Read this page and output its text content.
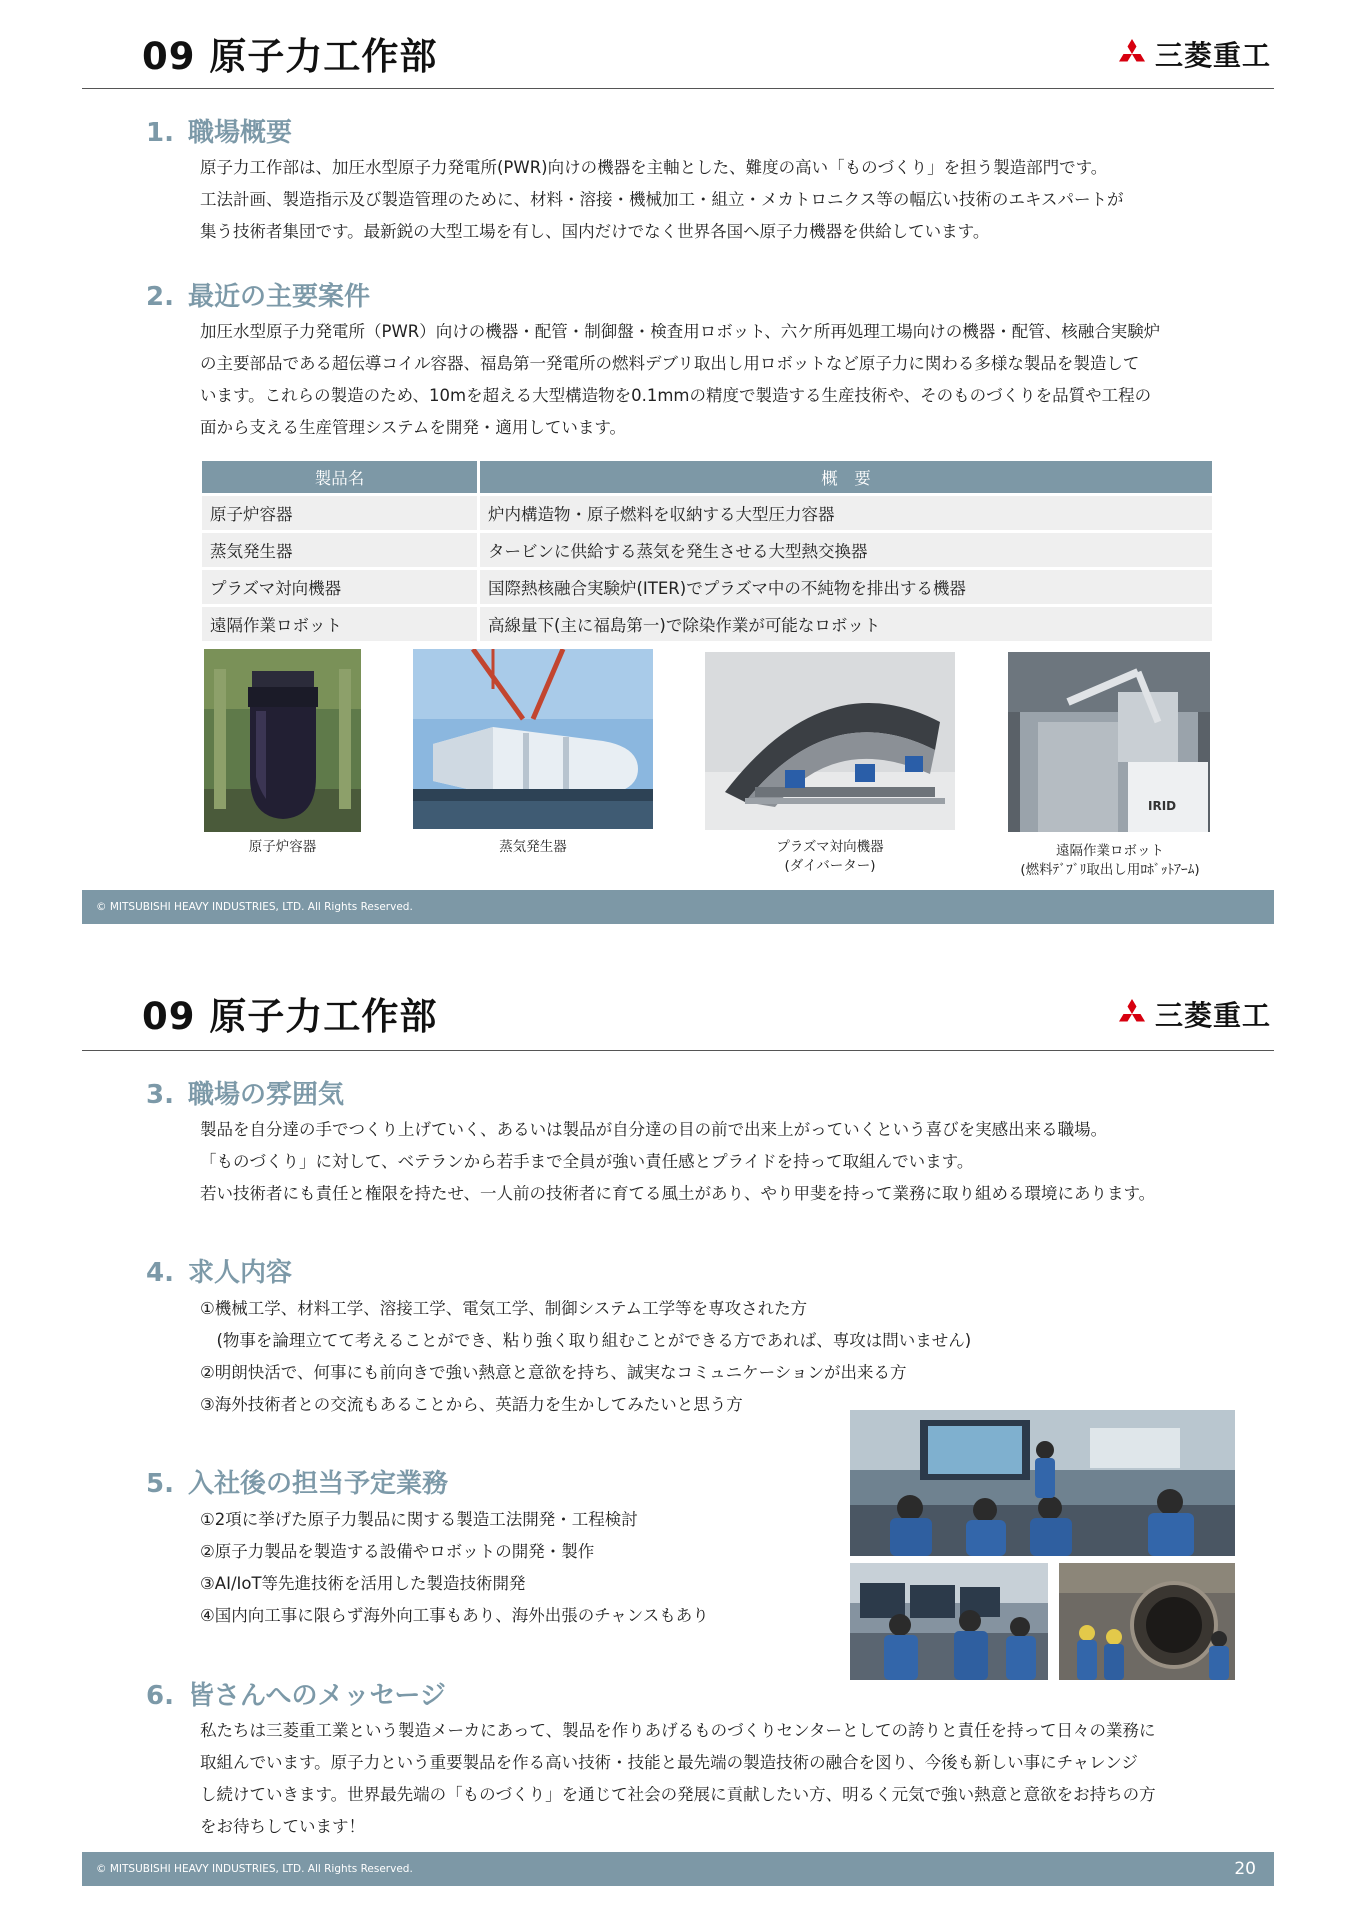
09 原子力工作部	三菱重工
1. 職場概要

原子力工作部は、加圧水型原子力発電所(PWR)向けの機器を主軸とした、難度の高い「ものづくり」を担う製造部門です。

工法計画、製造指示及び製造管理のために、材料・溶接・機械加工・組立・メカトロニクス等の幅広い技術のエキスパートが

集う技術者集団です。最新鋭の大型工場を有し、国内だけでなく世界各国へ原子力機器を供給しています。

2. 最近の主要案件

加圧水型原子力発電所（PWR）向けの機器・配管・制御盤・検査用ロボット、六ケ所再処理工場向けの機器・配管、核融合実験炉

の主要部品である超伝導コイル容器、福島第一発電所の燃料デブリ取出し用ロボットなど原子力に関わる多様な製品を製造して

います。これらの製造のため、10mを超える大型構造物を0.1mmの精度で製造する生産技術や、そのものづくりを品質や工程の

面から支える生産管理システムを開発・適用しています。

製品名	概　要
原子炉容器	炉内構造物・原子燃料を収納する大型圧力容器
蒸気発生器	タービンに供給する蒸気を発生させる大型熱交換器
プラズマ対向機器	国際熱核融合実験炉(ITER)でプラズマ中の不純物を排出する機器
遠隔作業ロボット	高線量下(主に福島第一)で除染作業が可能なロボット
IRID
原子炉容器	蒸気発生器	プラズマ対向機器
(ダイバーター)
遠隔作業ロボット
(燃料ﾃﾞﾌﾞﾘ取出し用ﾛﾎﾞｯﾄｱｰﾑ)
© MITSUBISHI HEAVY INDUSTRIES, LTD. All Rights Reserved.
09 原子力工作部	三菱重工
3. 職場の雰囲気

製品を自分達の手でつくり上げていく、あるいは製品が自分達の目の前で出来上がっていくという喜びを実感出来る職場。

「ものづくり」に対して、ベテランから若手まで全員が強い責任感とプライドを持って取組んでいます。

若い技術者にも責任と権限を持たせ、一人前の技術者に育てる風土があり、やり甲斐を持って業務に取り組める環境にあります。

4. 求人内容

①機械工学、材料工学、溶接工学、電気工学、制御システム工学等を専攻された方

　(物事を論理立てて考えることができ、粘り強く取り組むことができる方であれば、専攻は問いません)

②明朗快活で、何事にも前向きで強い熱意と意欲を持ち、誠実なコミュニケーションが出来る方

③海外技術者との交流もあることから、英語力を生かしてみたいと思う方

5. 入社後の担当予定業務

①2項に挙げた原子力製品に関する製造工法開発・工程検討

②原子力製品を製造する設備やロボットの開発・製作

③AI/IoT等先進技術を活用した製造技術開発

④国内向工事に限らず海外向工事もあり、海外出張のチャンスもあり

6. 皆さんへのメッセージ

私たちは三菱重工業という製造メーカにあって、製品を作りあげるものづくりセンターとしての誇りと責任を持って日々の業務に

取組んでいます。原子力という重要製品を作る高い技術・技能と最先端の製造技術の融合を図り、今後も新しい事にチャレンジ

し続けていきます。世界最先端の「ものづくり」を通じて社会の発展に貢献したい方、明るく元気で強い熱意と意欲をお持ちの方

をお待ちしています！

© MITSUBISHI HEAVY INDUSTRIES, LTD. All Rights Reserved.	20
